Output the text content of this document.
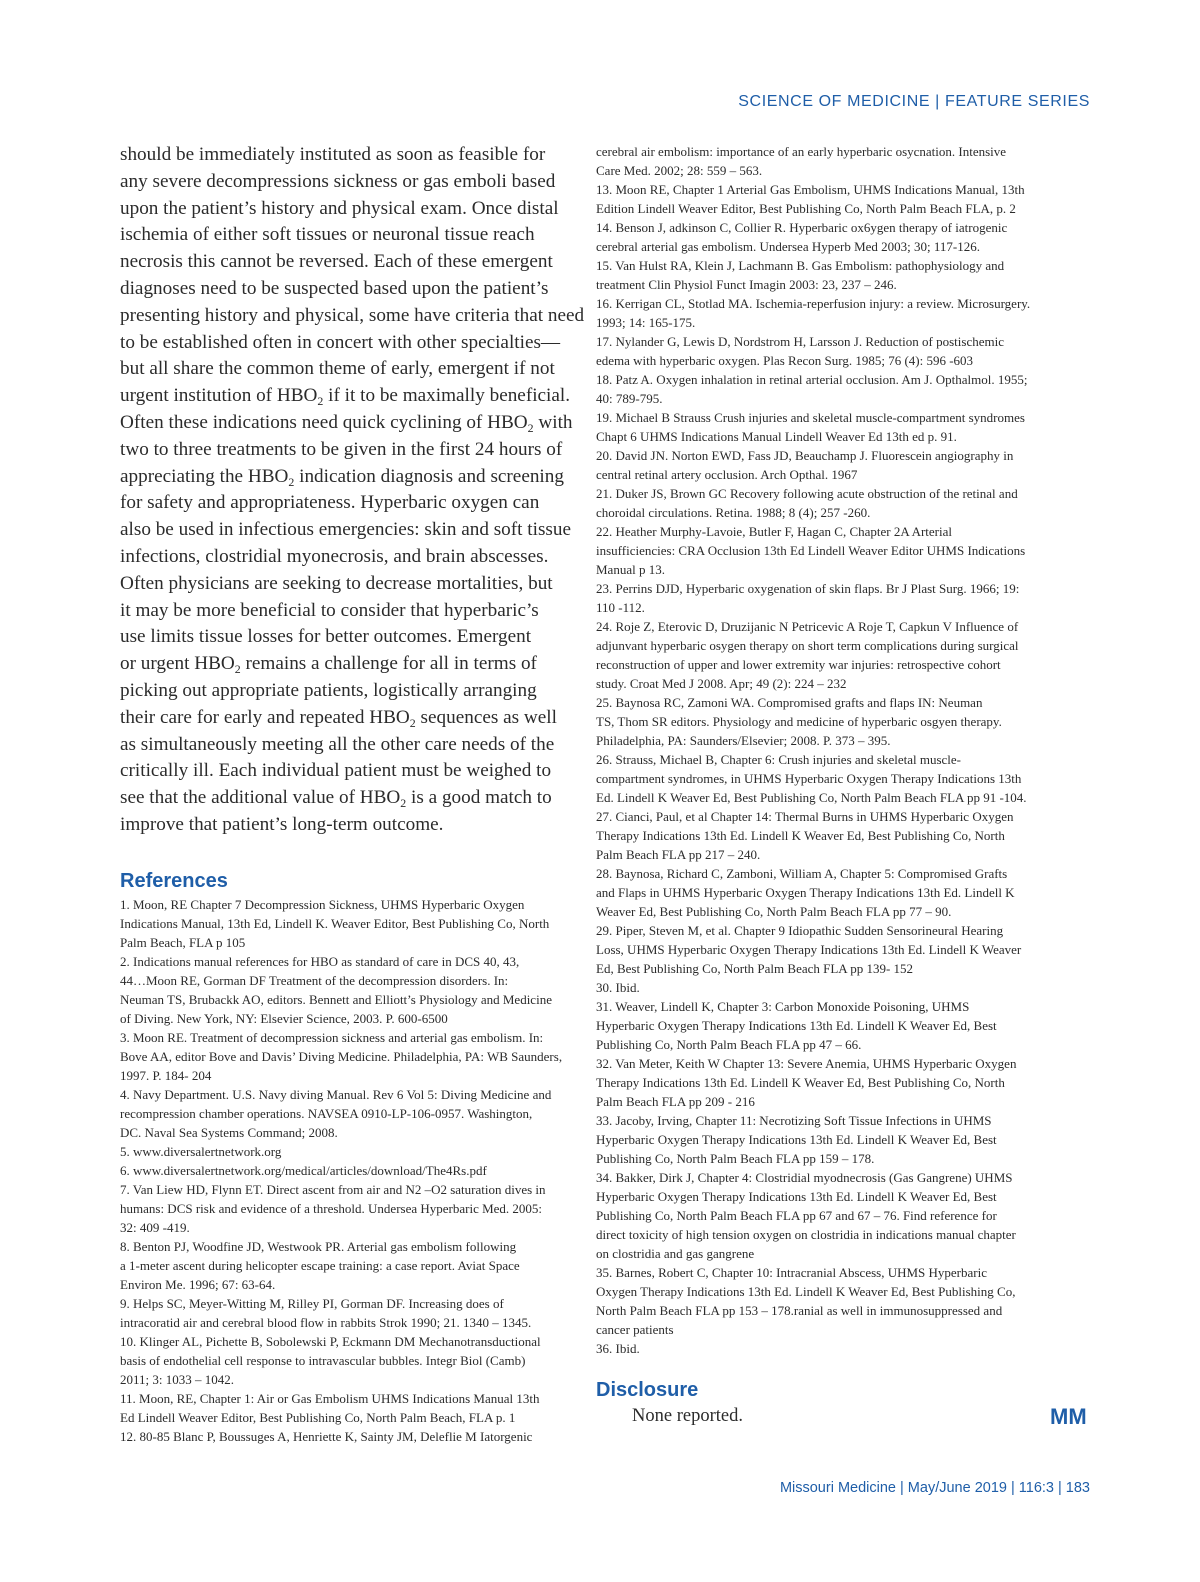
SCIENCE OF MEDICINE | FEATURE SERIES

should be immediately instituted as soon as feasible for
any severe decompressions sickness or gas emboli based
upon the patient’s history and physical exam. Once distal
ischemia of either soft tissues or neuronal tissue reach
necrosis this cannot be reversed. Each of these emergent
diagnoses need to be suspected based upon the patient’s
presenting history and physical, some have criteria that need
to be established often in concert with other specialties—
but all share the common theme of early, emergent if not
urgent institution of $HBO_2$ if it to be maximally beneficial.
Often these indications need quick cyclining of $HBO_2$ with
two to three treatments to be given in the first 24 hours of
appreciating the $HBO_2$ indication diagnosis and screening
for safety and appropriateness. Hyperbaric oxygen can
also be used in infectious emergencies: skin and soft tissue
infections, clostridial myonecrosis, and brain abscesses.
Often physicians are seeking to decrease mortalities, but
it may be more beneficial to consider that hyperbaric’s
use limits tissue losses for better outcomes. Emergent
or urgent $HBO_2$ remains a challenge for all in terms of
picking out appropriate patients, logistically arranging
their care for early and repeated $HBO_2$ sequences as well
as simultaneously meeting all the other care needs of the
critically ill. Each individual patient must be weighed to
see that the additional value of $HBO_2$ is a good match to
improve that patient’s long-term outcome.

References
1. Moon, RE Chapter 7 Decompression Sickness, UHMS Hyperbaric Oxygen
Indications Manual, 13th Ed, Lindell K. Weaver Editor, Best Publishing Co, North
Palm Beach, FLA p 105
2. Indications manual references for HBO as standard of care in DCS 40, 43,
44…Moon RE, Gorman DF Treatment of the decompression disorders. In:
Neuman TS, Brubackk AO, editors. Bennett and Elliott’s Physiology and Medicine
of Diving. New York, NY: Elsevier Science, 2003. P. 600-6500
3. Moon RE. Treatment of decompression sickness and arterial gas embolism. In:
Bove AA, editor Bove and Davis’ Diving Medicine. Philadelphia, PA: WB Saunders,
1997. P. 184- 204
4. Navy Department. U.S. Navy diving Manual. Rev 6 Vol 5: Diving Medicine and
recompression chamber operations. NAVSEA 0910-LP-106-0957. Washington,
DC. Naval Sea Systems Command; 2008.
5. www.diversalertnetwork.org
6. www.diversalertnetwork.org/medical/articles/download/The4Rs.pdf
7. Van Liew HD, Flynn ET. Direct ascent from air and N2 –O2 saturation dives in
humans: DCS risk and evidence of a threshold. Undersea Hyperbaric Med. 2005:
32: 409 -419.
8. Benton PJ, Woodfine JD, Westwook PR. Arterial gas embolism following
a 1-meter ascent during helicopter escape training: a case report. Aviat Space
Environ Me. 1996; 67: 63-64.
9. Helps SC, Meyer-Witting M, Rilley PI, Gorman DF. Increasing does of
intracoratid air and cerebral blood flow in rabbits Strok 1990; 21. 1340 – 1345.
10. Klinger AL, Pichette B, Sobolewski P, Eckmann DM Mechanotransductional
basis of endothelial cell response to intravascular bubbles. Integr Biol (Camb)
2011; 3: 1033 – 1042.
11. Moon, RE, Chapter 1: Air or Gas Embolism UHMS Indications Manual 13th
Ed Lindell Weaver Editor, Best Publishing Co, North Palm Beach, FLA p. 1
12. 80-85 Blanc P, Boussuges A, Henriette K, Sainty JM, Deleflie M Iatorgenic
cerebral air embolism: importance of an early hyperbaric osycnation. Intensive
Care Med. 2002; 28: 559 – 563.
13. Moon RE, Chapter 1 Arterial Gas Embolism, UHMS Indications Manual, 13th
Edition Lindell Weaver Editor, Best Publishing Co, North Palm Beach FLA, p. 2
14. Benson J, adkinson C, Collier R. Hyperbaric ox6ygen therapy of iatrogenic
cerebral arterial gas embolism. Undersea Hyperb Med 2003; 30; 117-126.
15. Van Hulst RA, Klein J, Lachmann B. Gas Embolism: pathophysiology and
treatment Clin Physiol Funct Imagin 2003: 23, 237 – 246.
16. Kerrigan CL, Stotlad MA. Ischemia-reperfusion injury: a review. Microsurgery.
1993; 14: 165-175.
17. Nylander G, Lewis D, Nordstrom H, Larsson J. Reduction of postischemic
edema with hyperbaric oxygen. Plas Recon Surg. 1985; 76 (4): 596 -603
18. Patz A. Oxygen inhalation in retinal arterial occlusion. Am J. Opthalmol. 1955;
40: 789-795.
19. Michael B Strauss Crush injuries and skeletal muscle-compartment syndromes
Chapt 6 UHMS Indications Manual Lindell Weaver Ed 13th ed p. 91.
20. David JN. Norton EWD, Fass JD, Beauchamp J. Fluorescein angiography in
central retinal artery occlusion. Arch Opthal. 1967
21. Duker JS, Brown GC Recovery following acute obstruction of the retinal and
choroidal circulations. Retina. 1988; 8 (4); 257 -260.
22. Heather Murphy-Lavoie, Butler F, Hagan C, Chapter 2A Arterial
insufficiencies: CRA Occlusion 13th Ed Lindell Weaver Editor UHMS Indications
Manual p 13.
23. Perrins DJD, Hyperbaric oxygenation of skin flaps. Br J Plast Surg. 1966; 19:
110 -112.
24. Roje Z, Eterovic D, Druzijanic N Petricevic A Roje T, Capkun V Influence of
adjunvant hyperbaric osygen therapy on short term complications during surgical
reconstruction of upper and lower extremity war injuries: retrospective cohort
study. Croat Med J 2008. Apr; 49 (2): 224 – 232
25. Baynosa RC, Zamoni WA. Compromised grafts and flaps IN: Neuman
TS, Thom SR editors. Physiology and medicine of hyperbaric osgyen therapy.
Philadelphia, PA: Saunders/Elsevier; 2008. P. 373 – 395.
26. Strauss, Michael B, Chapter 6: Crush injuries and skeletal muscle-
compartment syndromes, in UHMS Hyperbaric Oxygen Therapy Indications 13th
Ed. Lindell K Weaver Ed, Best Publishing Co, North Palm Beach FLA pp 91 -104.
27. Cianci, Paul, et al Chapter 14: Thermal Burns in UHMS Hyperbaric Oxygen
Therapy Indications 13th Ed. Lindell K Weaver Ed, Best Publishing Co, North
Palm Beach FLA pp 217 – 240.
28. Baynosa, Richard C, Zamboni, William A, Chapter 5: Compromised Grafts
and Flaps in UHMS Hyperbaric Oxygen Therapy Indications 13th Ed. Lindell K
Weaver Ed, Best Publishing Co, North Palm Beach FLA pp 77 – 90.
29. Piper, Steven M, et al. Chapter 9 Idiopathic Sudden Sensorineural Hearing
Loss, UHMS Hyperbaric Oxygen Therapy Indications 13th Ed. Lindell K Weaver
Ed, Best Publishing Co, North Palm Beach FLA pp 139- 152
30. Ibid.
31. Weaver, Lindell K, Chapter 3: Carbon Monoxide Poisoning, UHMS
Hyperbaric Oxygen Therapy Indications 13th Ed. Lindell K Weaver Ed, Best
Publishing Co, North Palm Beach FLA pp 47 – 66.
32. Van Meter, Keith W Chapter 13: Severe Anemia, UHMS Hyperbaric Oxygen
Therapy Indications 13th Ed. Lindell K Weaver Ed, Best Publishing Co, North
Palm Beach FLA pp 209 - 216
33. Jacoby, Irving, Chapter 11: Necrotizing Soft Tissue Infections in UHMS
Hyperbaric Oxygen Therapy Indications 13th Ed. Lindell K Weaver Ed, Best
Publishing Co, North Palm Beach FLA pp 159 – 178.
34. Bakker, Dirk J, Chapter 4: Clostridial myodnecrosis (Gas Gangrene) UHMS
Hyperbaric Oxygen Therapy Indications 13th Ed. Lindell K Weaver Ed, Best
Publishing Co, North Palm Beach FLA pp 67 and 67 – 76. Find reference for
direct toxicity of high tension oxygen on clostridia in indications manual chapter
on clostridia and gas gangrene
35. Barnes, Robert C, Chapter 10: Intracranial Abscess, UHMS Hyperbaric
Oxygen Therapy Indications 13th Ed. Lindell K Weaver Ed, Best Publishing Co,
North Palm Beach FLA pp 153 – 178.ranial as well in immunosuppressed and
cancer patients
36. Ibid.
Disclosure
None reported.	MM
Missouri Medicine | May/June 2019 | 116:3 | 183
